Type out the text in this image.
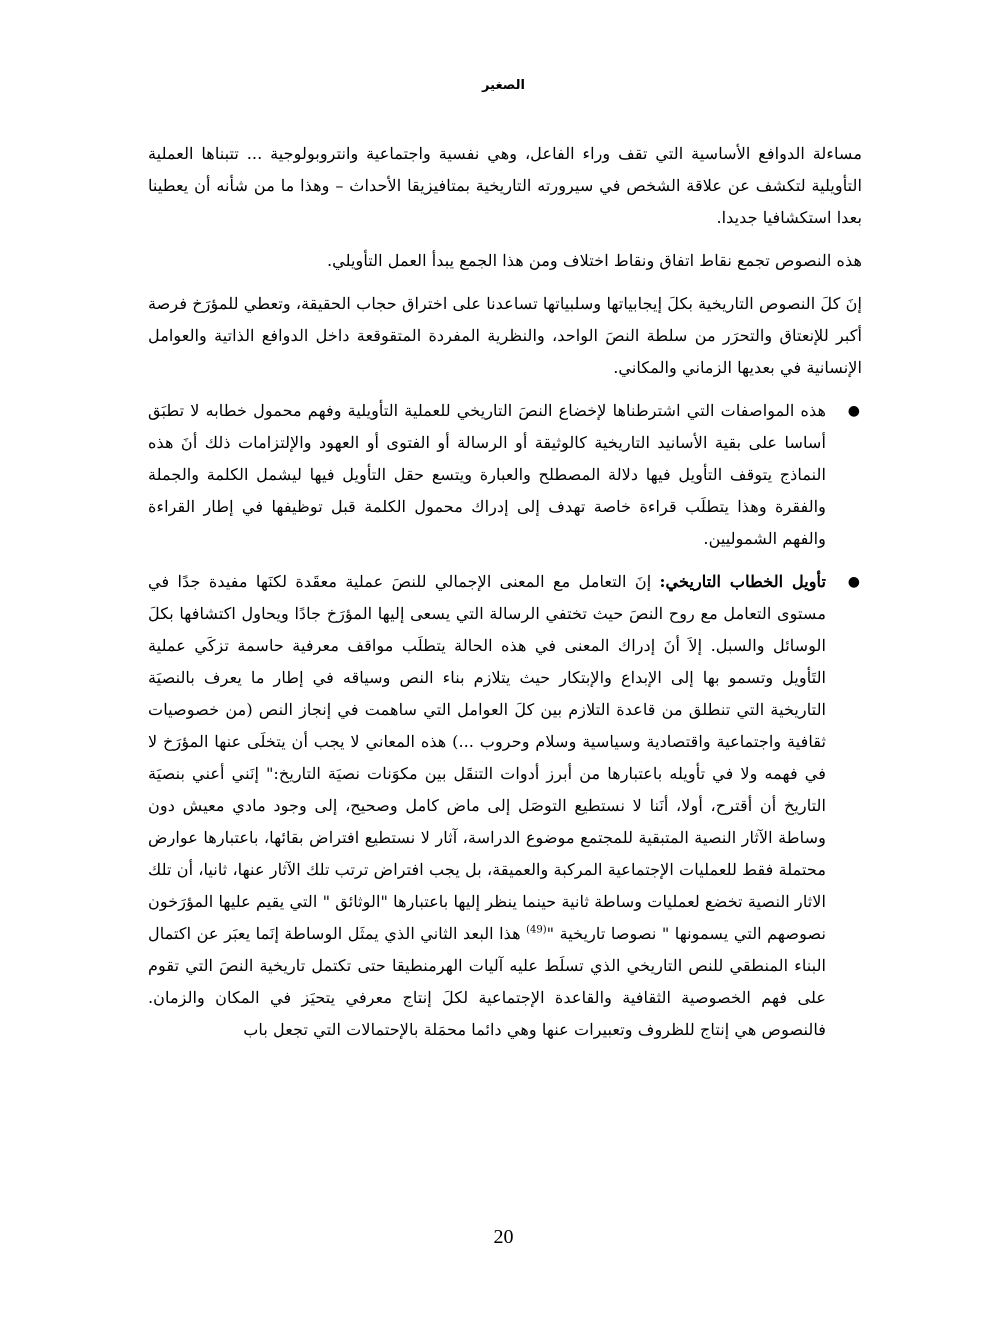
الصغير

مساءلة الدوافع الأساسية التي تقف وراء الفاعل، وهي نفسية واجتماعية وانتروبولوجية ... تتبناها العملية التأويلية لتكشف عن علاقة الشخص في سيرورته التاريخية بمتافيزيقا الأحداث – وهذا ما من شأنه أن يعطينا بعدا استكشافيا جديدا.

هذه النصوص تجمع نقاط اتفاق ونقاط اختلاف ومن هذا الجمع يبدأ العمل التأويلي.

إنَ كلَ النصوص التاريخية بكلَ إيجابياتها وسلبياتها تساعدنا على اختراق حجاب الحقيقة، وتعطي للمؤرَخ فرصة أكبر للإنعتاق والتحرَر من سلطة النصَ الواحد، والنظرية المفردة المتقوقعة داخل الدوافع الذاتية والعوامل الإنسانية في بعديها الزماني والمكاني.

●
هذه المواصفات التي اشترطناها لإخضاع النصَ التاريخي للعملية التأويلية وفهم محمول خطابه لا تطبَق أساسا على بقية الأسانيد التاريخية كالوثيقة أو الرسالة أو الفتوى أو العهود والإلتزامات ذلك أنَ هذه النماذج يتوقف التأويل فيها دلالة المصطلح والعبارة ويتسع حقل التأويل فيها ليشمل الكلمة والجملة والفقرة وهذا يتطلَب قراءة خاصة تهدف إلى إدراك محمول الكلمة قبل توظيفها في إطار القراءة والفهم الشموليين.
●
تأويل الخطاب التاريخي: إنَ التعامل مع المعنى الإجمالي للنصَ عملية معقَدة لكنَها مفيدة جدًا في مستوى التعامل مع روح النصَ حيث تختفي الرسالة التي يسعى إليها المؤرَخ جادًا ويحاول اكتشافها بكلَ الوسائل والسبل. إلاَ أنَ إدراك المعنى في هذه الحالة يتطلَب مواقف معرفية حاسمة تزكَي عملية التَأويل وتسمو بها إلى الإبداع والإبتكار حيث يتلازم بناء النص وسياقه في إطار ما يعرف بالنصيَة التاريخية التي تنطلق من قاعدة التلازم بين كلَ العوامل التي ساهمت في إنجاز النص (من خصوصيات ثقافية واجتماعية واقتصادية وسياسية وسلام وحروب ...) هذه المعاني لا يجب أن يتخلَى عنها المؤرَخ لا في فهمه ولا في تأويله باعتبارها من أبرز أدوات التنقَل بين مكوَنات نصيَة التاريخ:" إنَني أعني بنصيَة التاريخ أن أقترح، أولا، أنَنا لا نستطيع التوصَل إلى ماض كامل وصحيح، إلى وجود مادي معيش دون وساطة الآثار النصية المتبقية للمجتمع موضوع الدراسة، آثار لا نستطيع افتراض بقائها، باعتبارها عوارض محتملة فقط للعمليات الإجتماعية المركبة والعميقة، بل يجب افتراض ترتب تلك الآثار عنها، ثانيا، أن تلك الاثار النصية تخضع لعمليات وساطة ثانية حينما ينظر إليها باعتبارها "الوثائق " التي يقيم عليها المؤرَخون نصوصهم التي يسمونها " نصوصا تاريخية "$^{(49)}$ هذا البعد الثاني الذي يمثَل الوساطة إنَما يعبَر عن اكتمال البناء المنطقي للنص التاريخي الذي تسلَط عليه آليات الهرمنطيقا حتى تكتمل تاريخية النصَ التي تقوم على فهم الخصوصية الثقافية والقاعدة الإجتماعية لكلَ إنتاج معرفي يتحيَز في المكان والزمان. فالنصوص هي إنتاج للظروف وتعبيرات عنها وهي دائما محمَلة بالإحتمالات التي تجعل باب
20
